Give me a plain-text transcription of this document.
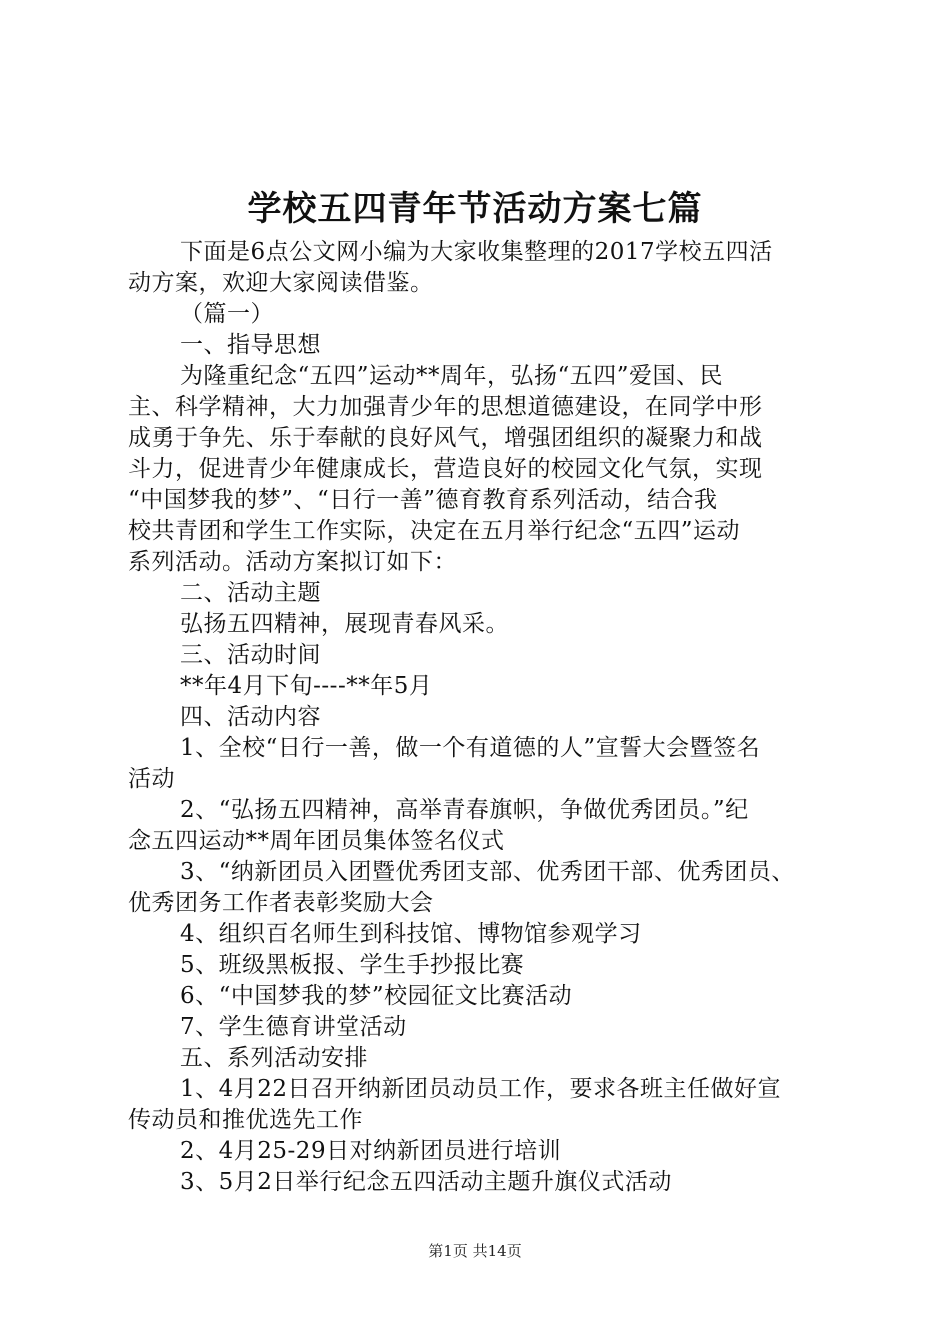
学校五四青年节活动方案七篇
下面是6点公文网小编为大家收集整理的2017学校五四活
动方案，欢迎大家阅读借鉴。
（篇一）
一、指导思想
为隆重纪念“五四”运动**周年，弘扬“五四”爱国、民
主、科学精神，大力加强青少年的思想道德建设，在同学中形
成勇于争先、乐于奉献的良好风气，增强团组织的凝聚力和战
斗力，促进青少年健康成长，营造良好的校园文化气氛，实现
“中国梦我的梦”、“日行一善”德育教育系列活动，结合我
校共青团和学生工作实际，决定在五月举行纪念“五四”运动
系列活动。活动方案拟订如下：
二、活动主题
弘扬五四精神，展现青春风采。
三、活动时间
**年4月下旬----**年5月
四、活动内容
1、全校“日行一善，做一个有道德的人”宣誓大会暨签名
活动
2、“弘扬五四精神，高举青春旗帜，争做优秀团员。”纪
念五四运动**周年团员集体签名仪式
3、“纳新团员入团暨优秀团支部、优秀团干部、优秀团员、
优秀团务工作者表彰奖励大会
4、组织百名师生到科技馆、博物馆参观学习
5、班级黑板报、学生手抄报比赛
6、“中国梦我的梦”校园征文比赛活动
7、学生德育讲堂活动
五、系列活动安排
1、4月22日召开纳新团员动员工作，要求各班主任做好宣
传动员和推优选先工作
2、4月25-29日对纳新团员进行培训
3、5月2日举行纪念五四活动主题升旗仪式活动
第1页 共14页
